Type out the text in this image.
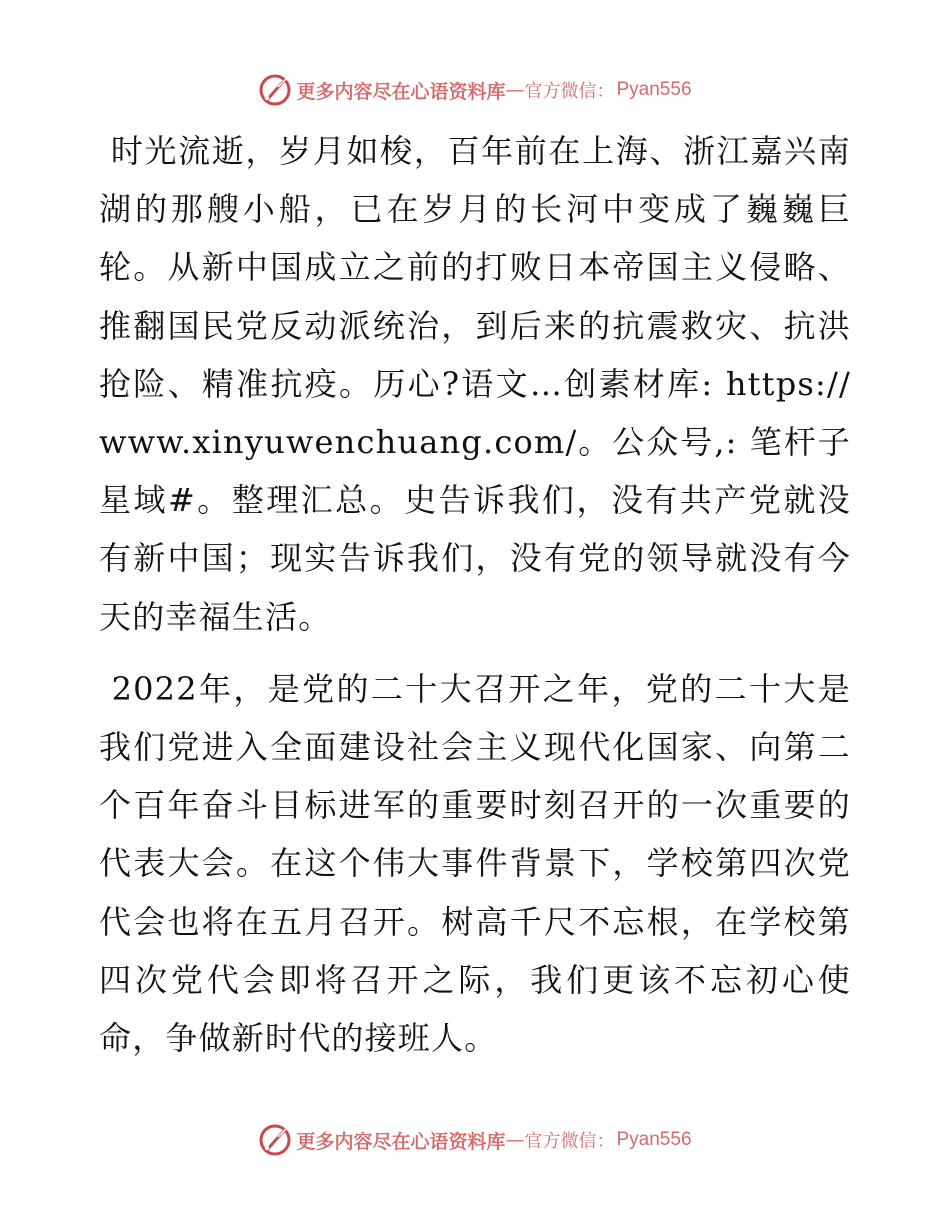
更多内容尽在心语资料库 — 官方微信： Pyan556

时光流逝，岁月如梭，百年前在上海、浙江嘉兴南湖的那艘小船，已在岁月的长河中变成了巍巍巨轮。从新中国成立之前的打败日本帝国主义侵略、推翻国民党反动派统治，到后来的抗震救灾、抗洪抢险、精准抗疫。历心?语文…创素材库: https://www.xinyuwenchuang.com/。公众号,: 笔杆子星域#。整理汇总。史告诉我们，没有共产党就没有新中国；现实告诉我们，没有党的领导就没有今天的幸福生活。

2022年，是党的二十大召开之年，党的二十大是我们党进入全面建设社会主义现代化国家、向第二个百年奋斗目标进军的重要时刻召开的一次重要的代表大会。在这个伟大事件背景下，学校第四次党代会也将在五月召开。树高千尺不忘根，在学校第四次党代会即将召开之际，我们更该不忘初心使命，争做新时代的接班人。

更多内容尽在心语资料库 — 官方微信： Pyan556
